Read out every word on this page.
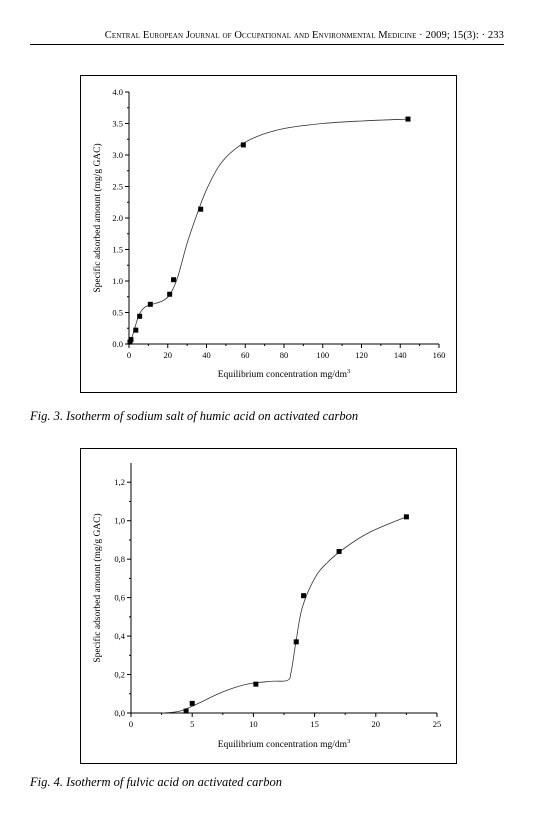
Central European Journal of Occupational and Environmental Medicine · 2009; 15(3): · 233
0	20	40	60	80	100	120	140	160
0.0
0.5
1.0
1.5
2.0
2.5
3.0
3.5
4.0
Equilibrium concentration $mg/dm^3$
Specific adsorbed amount (mg/g GAC)
Fig. 3. Isotherm of sodium salt of humic acid on activated carbon
0	5	10	15	20	25
0,0
0,2
0,4
0,6
0,8
1,0
1,2
Equilibrium concentration $mg/dm^3$
Specific adsorbed amount (mg/g GAC)
Fig. 4. Isotherm of fulvic acid on activated carbon
